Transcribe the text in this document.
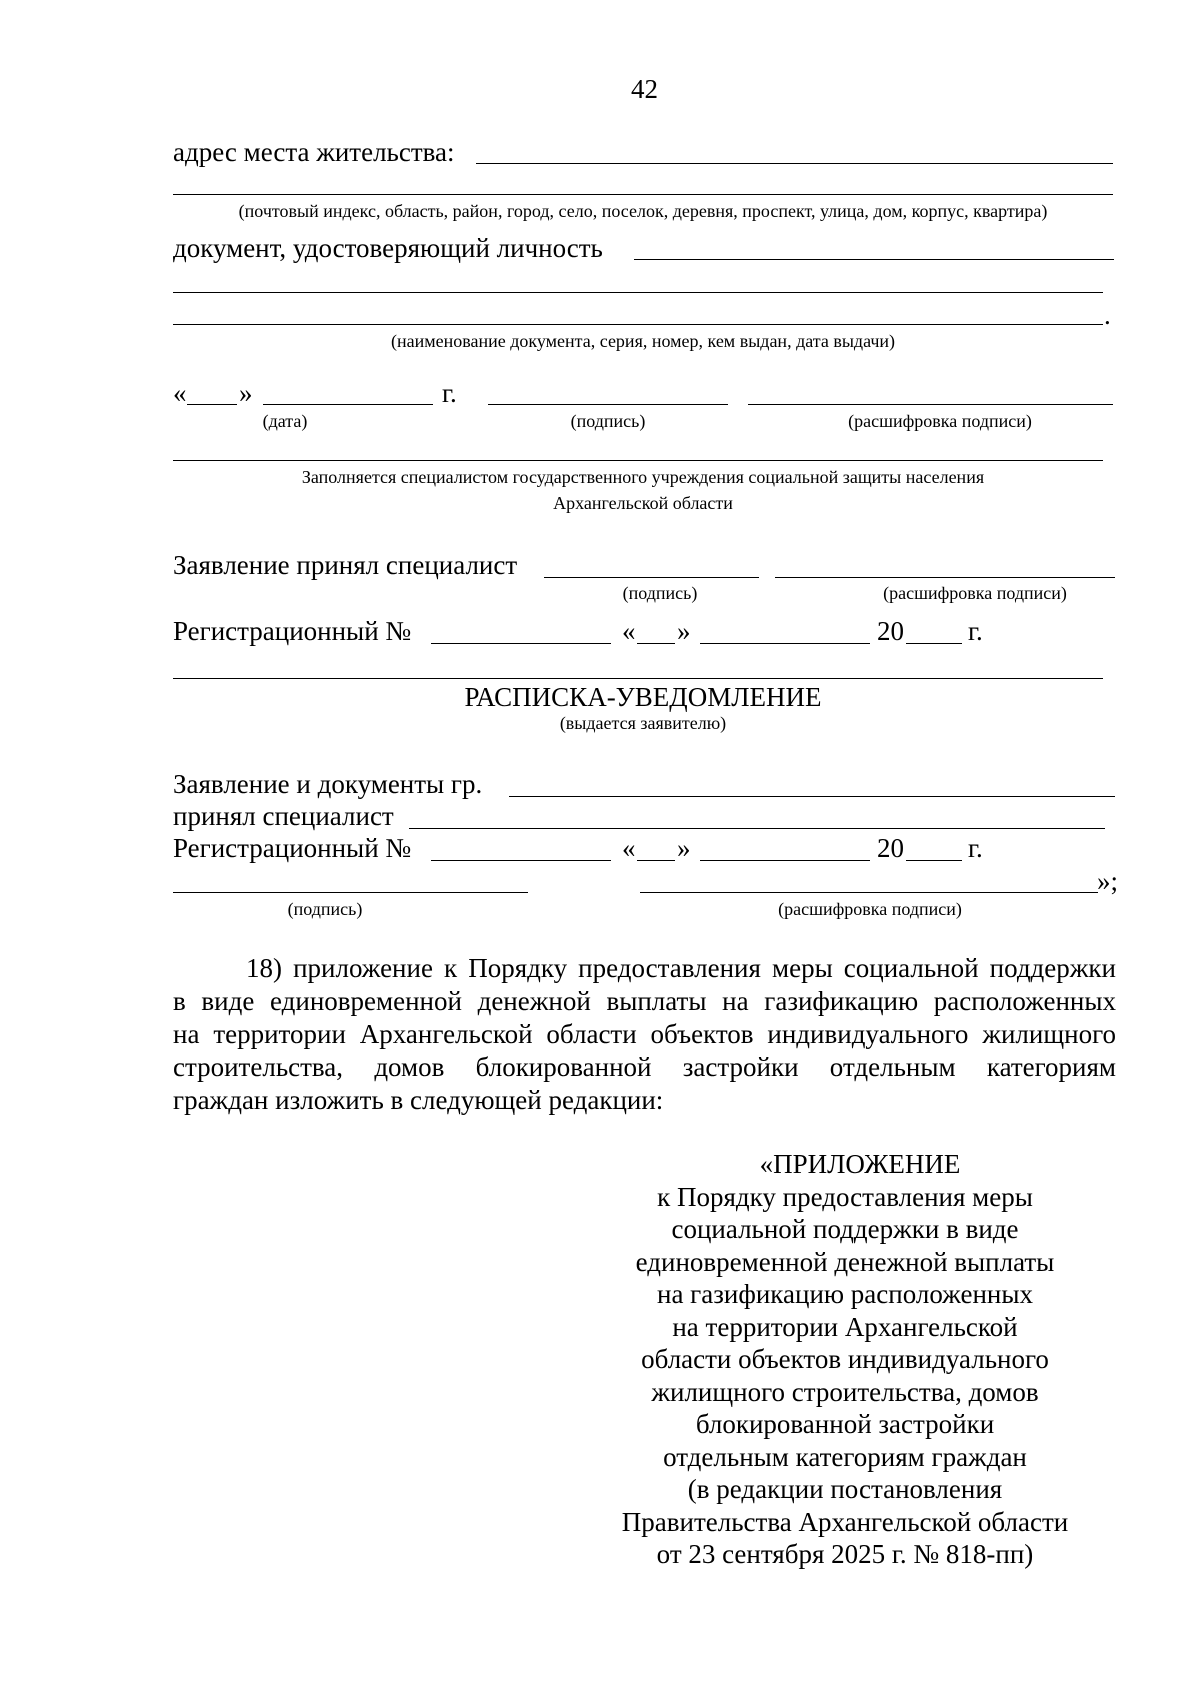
42
адрес места жительства:
(почтовый индекс, область, район, город, село, поселок, деревня, проспект, улица, дом, корпус, квартира)
документ, удостоверяющий личность
.
(наименование документа, серия, номер, кем выдан, дата выдачи)
« »	г.
(дата)	(подпись)	(расшифровка подписи)
Заполняется специалистом государственного учреждения социальной защиты населения
Архангельской области
Заявление принял специалист
(подпись)	(расшифровка подписи)
Регистрационный №	« »	20 г.
РАСПИСКА-УВЕДОМЛЕНИЕ
(выдается заявителю)
Заявление и документы гр.
принял специалист
Регистрационный №	« »	20 г.
»;
(подпись)	(расшифровка подписи)
18) приложение к Порядку предоставления меры социальной поддержки
в виде единовременной денежной выплаты на газификацию расположенных
на территории Архангельской области объектов индивидуального жилищного
строительства, домов блокированной застройки отдельным категориям
граждан изложить в следующей редакции:
«ПРИЛОЖЕНИЕ
к Порядку предоставления меры
социальной поддержки в виде
единовременной денежной выплаты
на газификацию расположенных
на территории Архангельской
области объектов индивидуального
жилищного строительства, домов
блокированной застройки
отдельным категориям граждан
(в редакции постановления
Правительства Архангельской области
от 23 сентября 2025 г. № 818-пп)
